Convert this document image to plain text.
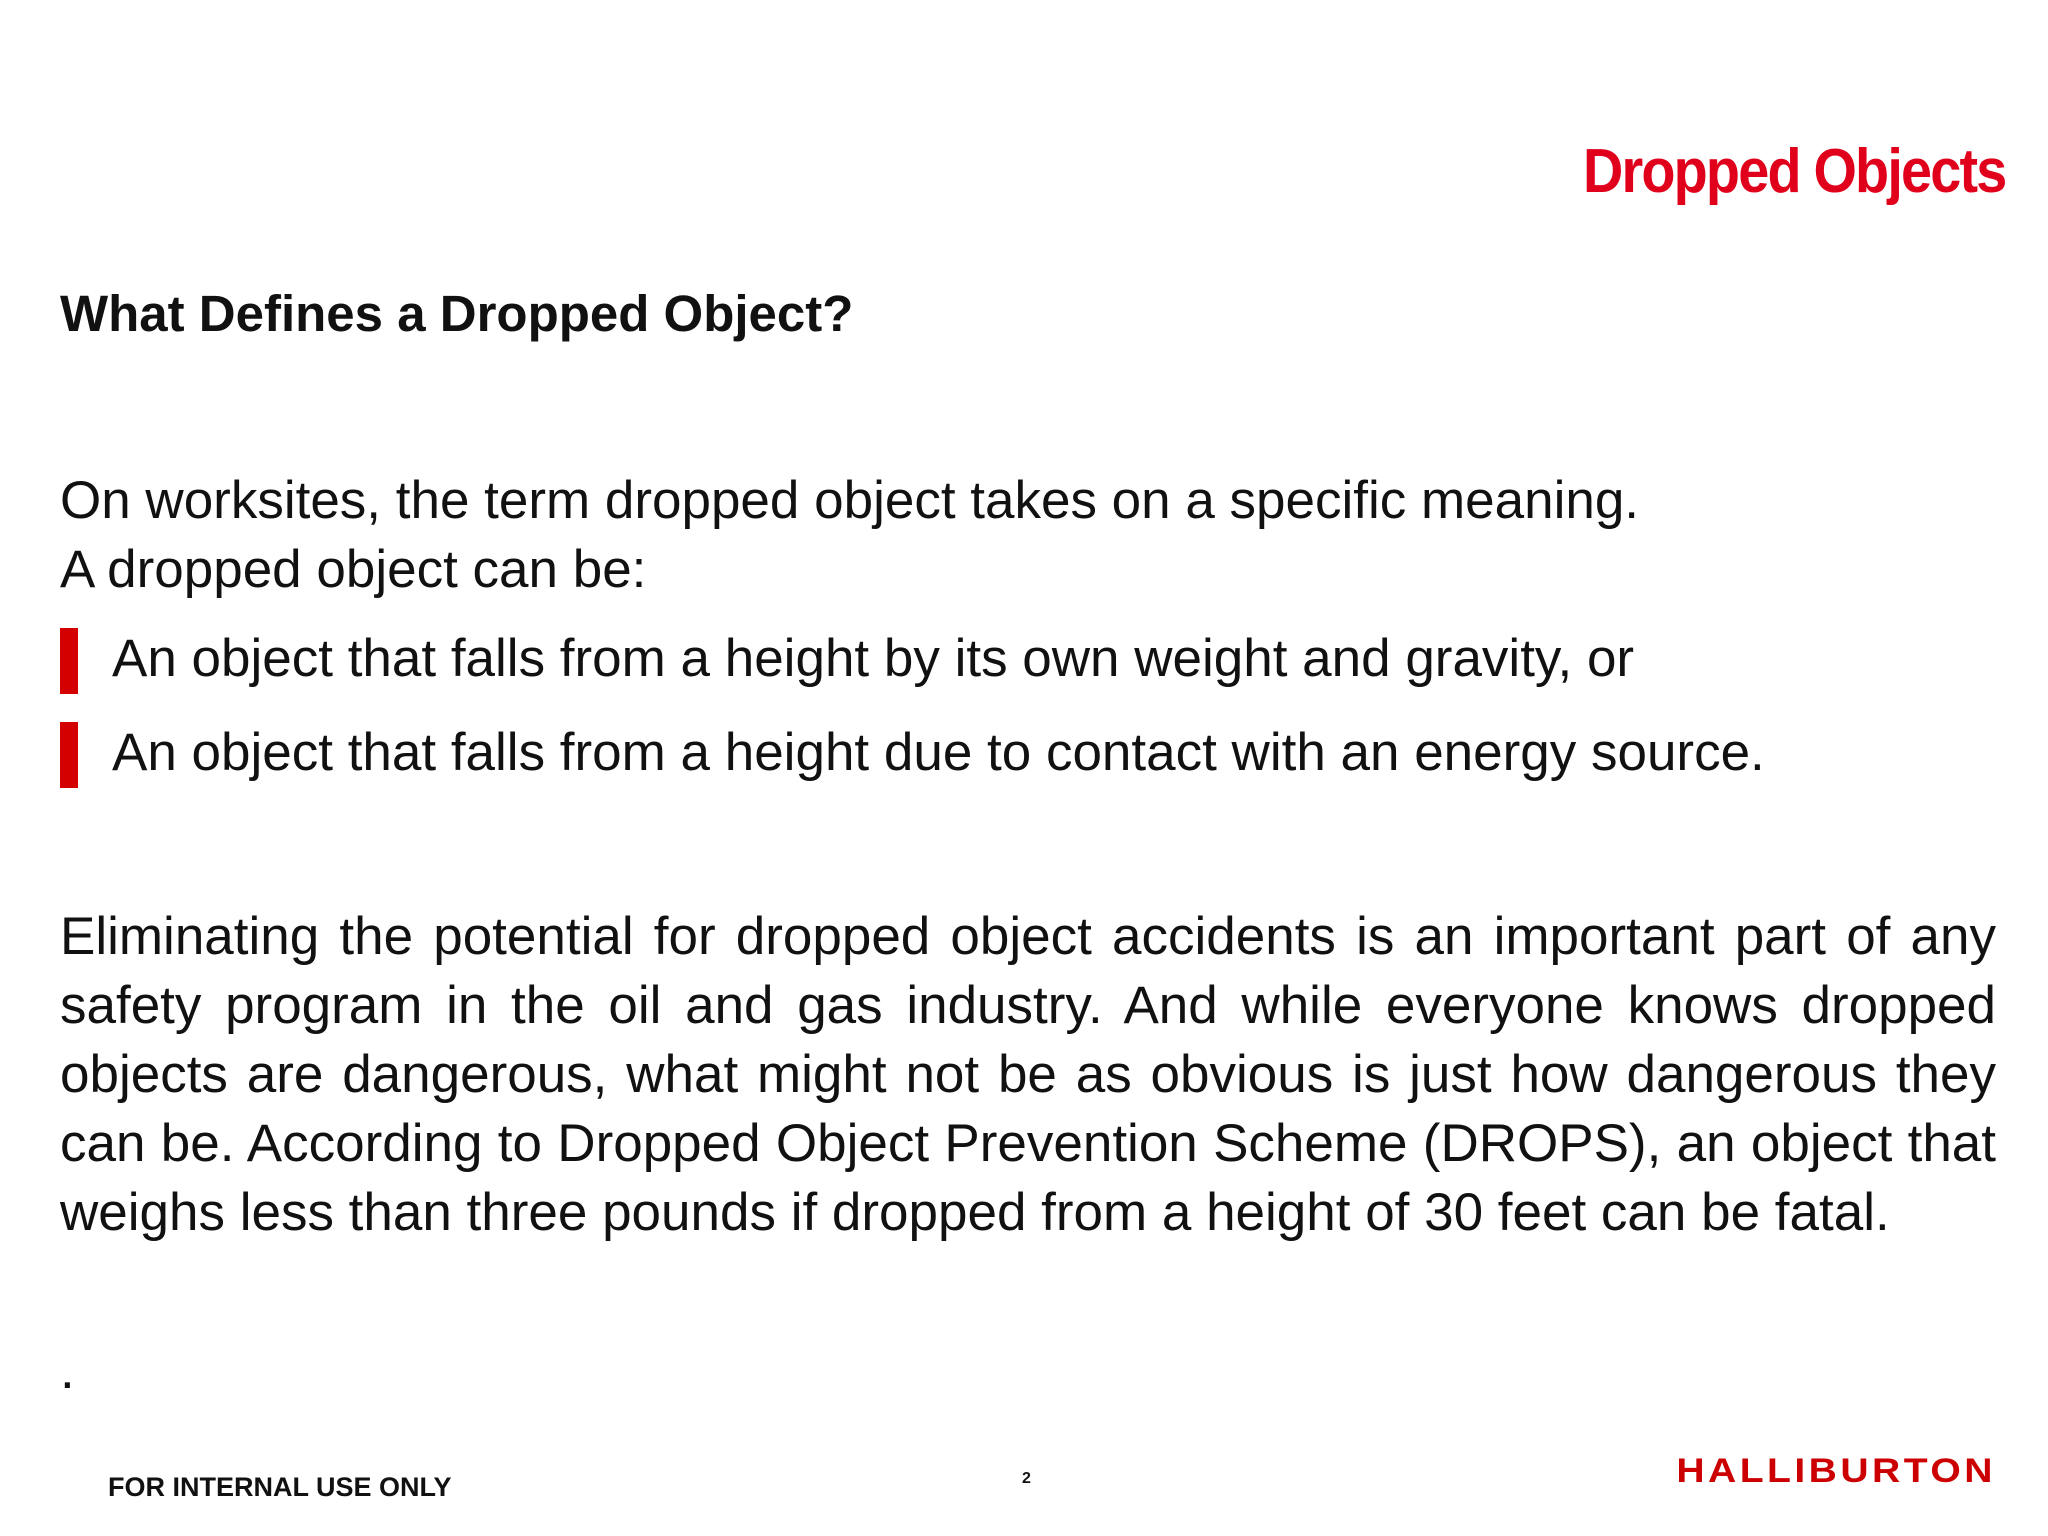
Dropped Objects
What Defines a Dropped Object?

On worksites, the term dropped object takes on a specific meaning.

A dropped object can be:

An object that falls from a height by its own weight and gravity, or
An object that falls from a height due to contact with an energy source.

Eliminating the potential for dropped object accidents is an important part of any safety program in the oil and gas industry. And while everyone knows dropped objects are dangerous, what might not be as obvious is just how dangerous they can be. According to Dropped Object Prevention Scheme (DROPS), an object that weighs less than three pounds if dropped from a height of 30 feet can be fatal.

.
FOR INTERNAL USE ONLY	2	HALLIBURTON
